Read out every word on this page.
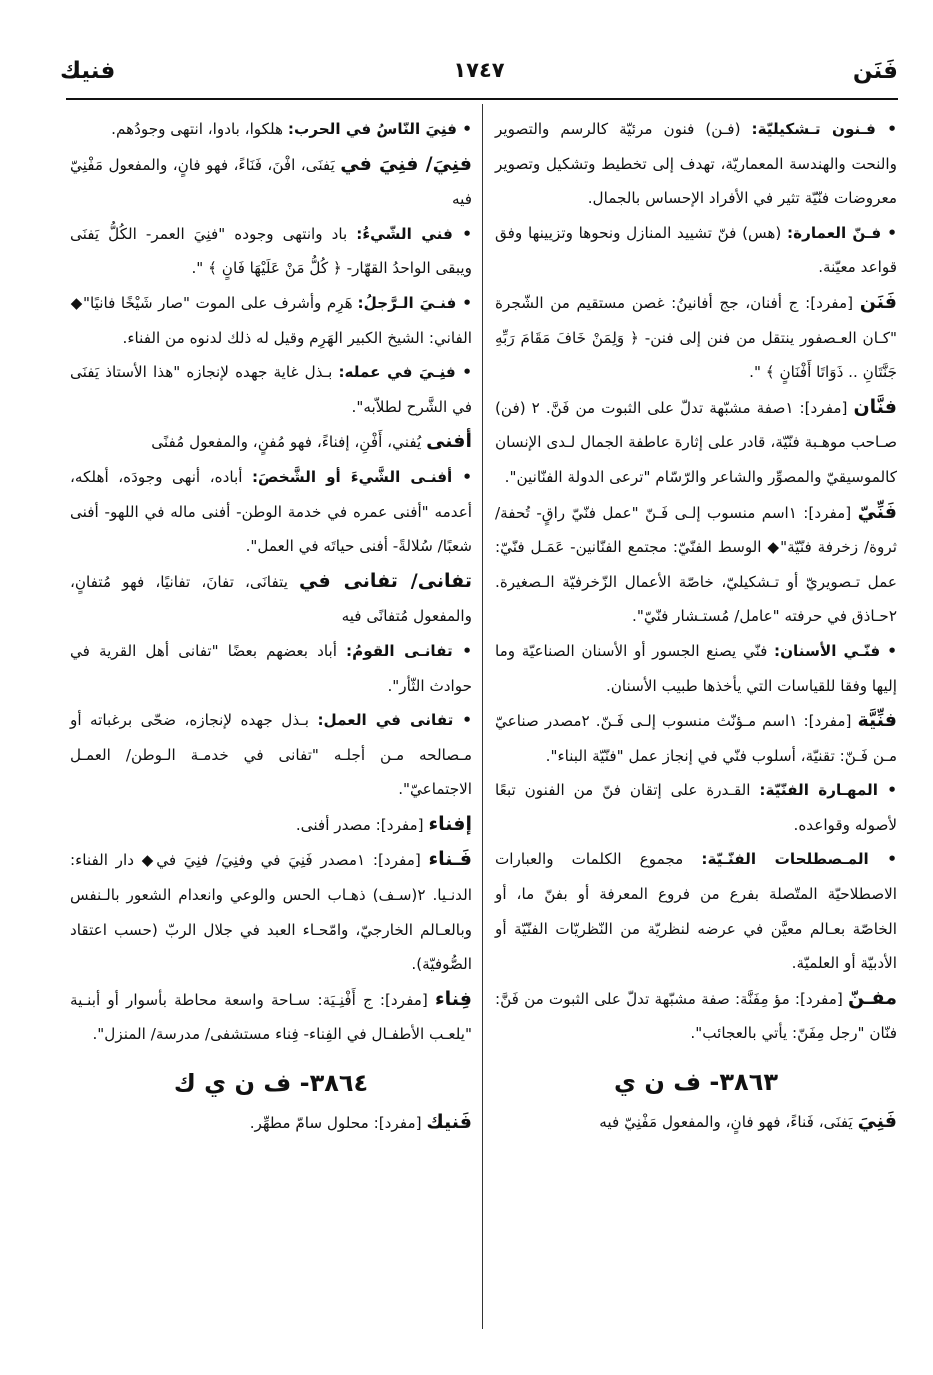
فَنَن
١٧٤٧
فنيك

• فـنون تـشكيليّة: (فـن) فنون مرئيّة كالرسم والتصوير والنحت والهندسة المعماريّة، تهدف إلى تخطيط وتشكيل وتصوير معروضات فنّيّة تثير في الأفراد الإحساس بالجمال.

• فـنّ العمارة: (هس) فنّ تشييد المنازل ونحوها وتزيينها وفق قواعد معيّنة.

فَنَن [مفرد]: ج أفنان، جج أفانينُ: غصن مستقيم من الشّجرة "كـان العـصفور ينتقل من فنن إلى فنن- ﴿ وَلِمَنْ خَافَ مَقَامَ رَبِّهِ جَنَّتَانِ .. ذَوَاتَا أَفْنَانٍ ﴾ ".

فنَّان [مفرد]: ١صفة مشبّهة تدلّ على الثبوت من فَنَّ. ٢ (فن) صـاحب موهـبة فنّيّة، قادر على إثارة عاطفة الجمال لـدى الإنسان كالموسيقيّ والمصوِّر والشاعر والرّسّام "ترعى الدولة الفنّانين".

فَنِّيّ [مفرد]: ١اسم منسوب إلـى فَـنّ "عمل فنّيّ راقٍ- تُحفة/ ثروة/ زخرفة فنّيّة"◆ الوسط الفنّيّ: مجتمع الفنّانين- عَمَـل فنّيّ: عمل تـصويريّ أو تـشكيليّ، خاصّة الأعمال الزّخرفيّة الـصغيرة. ٢حـاذق في حرفته "عامل/ مُستـشار فنّيّ".

• فنّـي الأسنان: فنّي يصنع الجسور أو الأسنان الصناعيّة وما إليها وفقا للقياسات التي يأخذها طبيب الأسنان.

فنِّيَّة [مفرد]: ١اسم مـؤنّث منسوب إلـى فَـنّ. ٢مصدر صناعيّ مـن فَـنّ: تقنيّة، أسلوب فنّي في إنجاز عمل "فنّيّة البناء".

• المهـارة الفنّيّة: القـدرة على إتقان فنّ من الفنون تبعًا لأصوله وقواعده.

• المـصطلحات الفنّـيّة: مجموع الكلمات والعبارات الاصطلاحيّة المتّصلة بفرع من فروع المعرفة أو بفنّ ما، أو الخاصّة بعـالم معيَّن في عرضه لنظريّة من النّظريّات الفنّيّة أو الأدبيّة أو العلميّة.

مفـنّ [مفرد]: مؤ مِفَنَّة: صفة مشبّهة تدلّ على الثبوت من فَنَّ: فنّان "رجل مِفَنّ: يأتي بالعجائب".

٣٨٦٣- ف ن ي

فَنِيَ يَفنَى، فَناءً، فهو فانٍ، والمفعول مَفْنِيّ فيه

• فنِيَ النّاسُ في الحرب: هلكوا، بادوا، انتهى وجودُهم.

فنِيَ/ فنِيَ في يَفنَى، افْنَ، فَنَاءً، فهو فانٍ، والمفعول مَفْنِيّ فيه

• فني الشّيءُ: باد وانتهى وجوده "فنِيَ العمر- الكُلُّ يَفنَى ويبقى الواحدُ القهّار- ﴿ كُلُّ مَنْ عَلَيْهَا فَانٍ ﴾ ".

• فنـيَ الـرَّجلُ: هَرِم وأشرف على الموت "صار شَيْخًا فانيًا"◆ الفاني: الشيخ الكبير الهَرِم وقيل له ذلك لدنوه من الفناء.

• فنِـيَ في عمله: بـذل غاية جهده لإنجازه "هذا الأستاذ يَفنَى في الشَّرح لطلاّبه".

أفنى يُفني، أَفْنِ، إفناءً، فهو مُفنٍ، والمفعول مُفنًى

• أفنـى الشَّيءَ أو الشَّخصَ: أباده، أنهى وجودَه، أهلكه، أعدمه "أفنى عمره في خدمة الوطن- أفنى ماله في اللهو- أفنى شعبًا/ سُلالةً- أفنى حياتَه في العمل".

تفانى/ تفانى في يتفانَى، تفانَ، تفانيًا، فهو مُتفانٍ، والمفعول مُتفانًى فيه

• تفانـى القومُ: أباد بعضهم بعضًا "تفانى أهل القرية في حوادث الثّأر".

• تفانى في العمل: بـذل جهده لإنجازه، ضحّى برغباته أو مـصالحه مـن أجلـه "تفانى في خدمـة الـوطن/ العمـل الاجتماعيّ".

إفناء [مفرد]: مصدر أفنى.

فَـناء [مفرد]: ١مصدر فَنِيَ في وفنِيَ/ فنِيَ في◆ دار الفناء: الدنـيا. ٢(سـف) ذهـاب الحس والوعي وانعدام الشعور بالـنفس وبالعـالم الخارجيّ، وامّحـاء العبد في جلال الربّ (حسب اعتقاد الصُّوفيّة).

فِناء [مفرد]: ج أَفْنِـيَة: سـاحة واسعة محاطة بأسوار أو أبنـية "يلعـب الأطفـال في الفِناء- فِناء مستشفى/ مدرسة/ المنزل".

٣٨٦٤- ف ن ي ك

فَنيك [مفرد]: محلول سامّ مطهِّر.
